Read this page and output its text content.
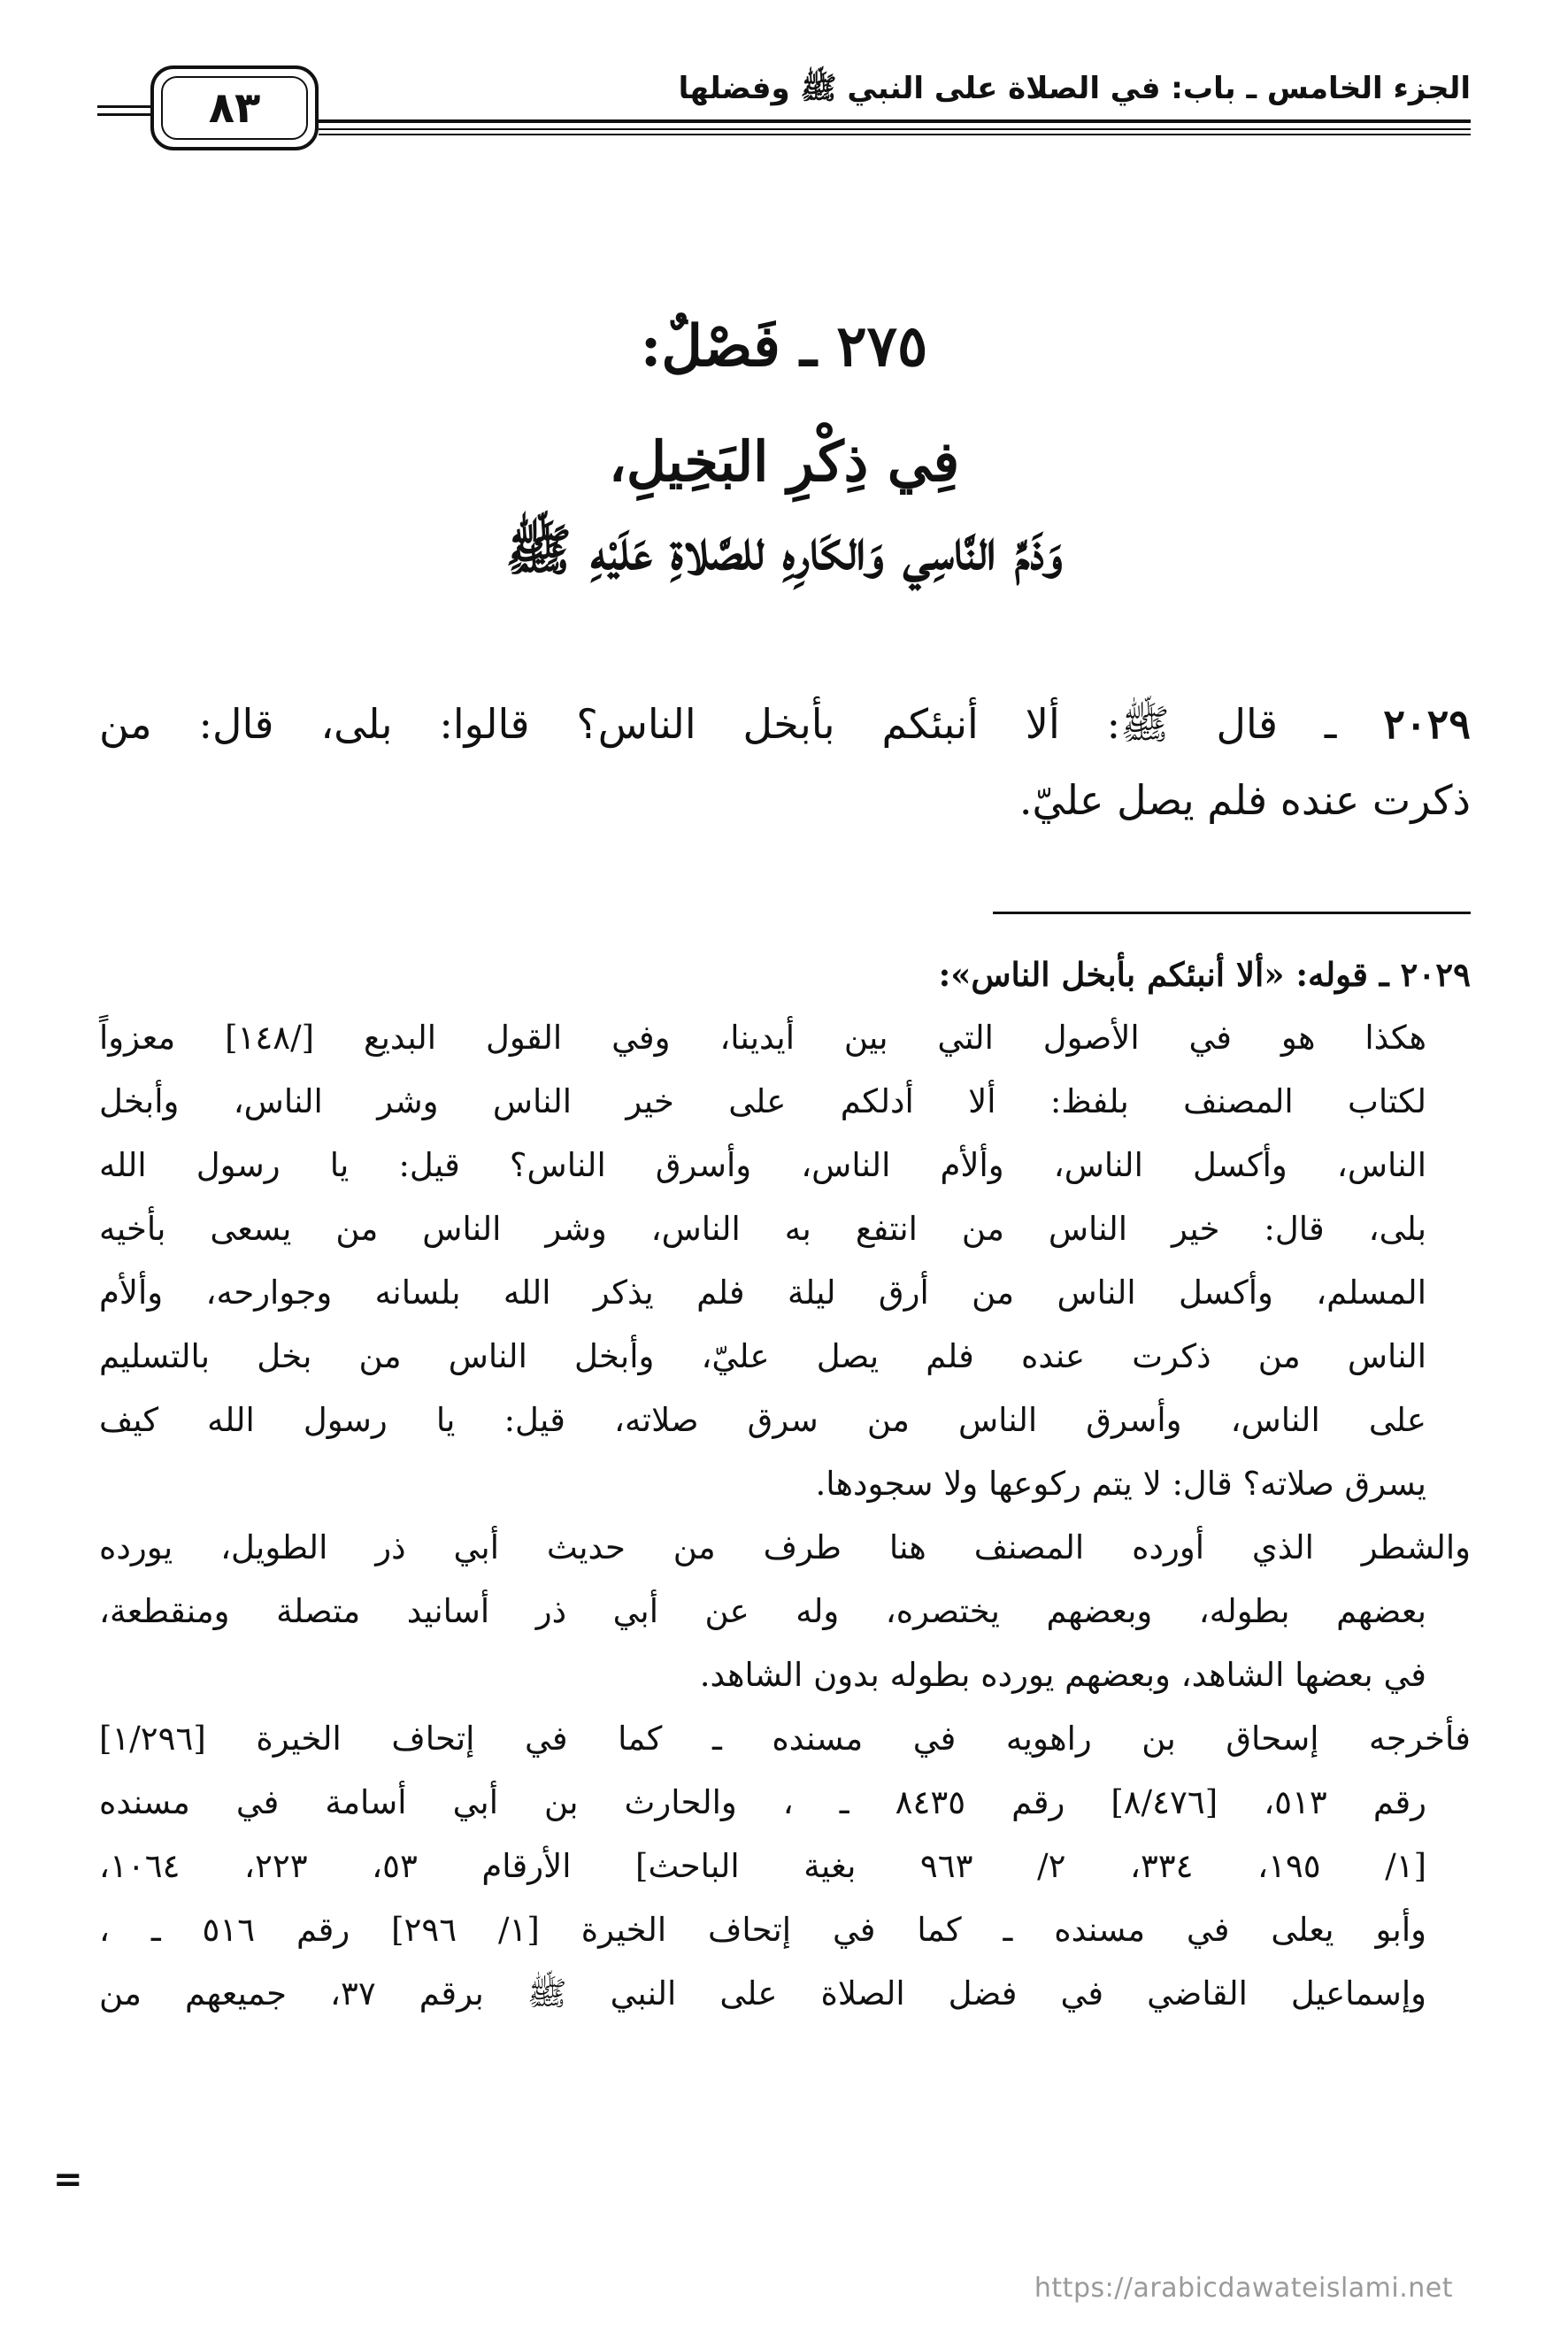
الجزء الخامس ـ باب: في الصلاة على النبي ﷺ وفضلها
٨٣
٢٧٥ ـ فَصْلٌ:
فِي ذِكْرِ البَخِيلِ،
وَذَمِّ النَّاسِي وَالكَارِهِ للصَّلاةِ عَلَيْهِ ﷺ
٢٠٢٩ ـ قال ﷺ: ألا أنبئكم بأبخل الناس؟ قالوا: بلى، قال: من
ذكرت عنده فلم يصل عليّ.
٢٠٢٩ ـ قوله: «ألا أنبئكم بأبخل الناس»:
هكذا هو في الأصول التي بين أيدينا، وفي القول البديع [/١٤٨] معزواً
لكتاب المصنف بلفظ: ألا أدلكم على خير الناس وشر الناس، وأبخل
الناس، وأكسل الناس، وألأم الناس، وأسرق الناس؟ قيل: يا رسول الله
بلى، قال: خير الناس من انتفع به الناس، وشر الناس من يسعى بأخيه
المسلم، وأكسل الناس من أرق ليلة فلم يذكر الله بلسانه وجوارحه، وألأم
الناس من ذكرت عنده فلم يصل عليّ، وأبخل الناس من بخل بالتسليم
على الناس، وأسرق الناس من سرق صلاته، قيل: يا رسول الله كيف
يسرق صلاته؟ قال: لا يتم ركوعها ولا سجودها.
والشطر الذي أورده المصنف هنا طرف من حديث أبي ذر الطويل، يورده
بعضهم بطوله، وبعضهم يختصره، وله عن أبي ذر أسانيد متصلة ومنقطعة،
في بعضها الشاهد، وبعضهم يورده بطوله بدون الشاهد.
فأخرجه إسحاق بن راهويه في مسنده ـ كما في إتحاف الخيرة [١/٢٩٦]
رقم ٥١٣، [٨/٤٧٦] رقم ٨٤٣٥ ـ ، والحارث بن أبي أسامة في مسنده
[١/ ١٩٥، ٣٣٤، ٢/ ٩٦٣ بغية الباحث] الأرقام ٥٣، ٢٢٣، ١٠٦٤،
وأبو يعلى في مسنده ـ كما في إتحاف الخيرة [١/ ٢٩٦] رقم ٥١٦ ـ ،
وإسماعيل القاضي في فضل الصلاة على النبي ﷺ برقم ٣٧، جميعهم من
=
https://arabicdawateislami.net
